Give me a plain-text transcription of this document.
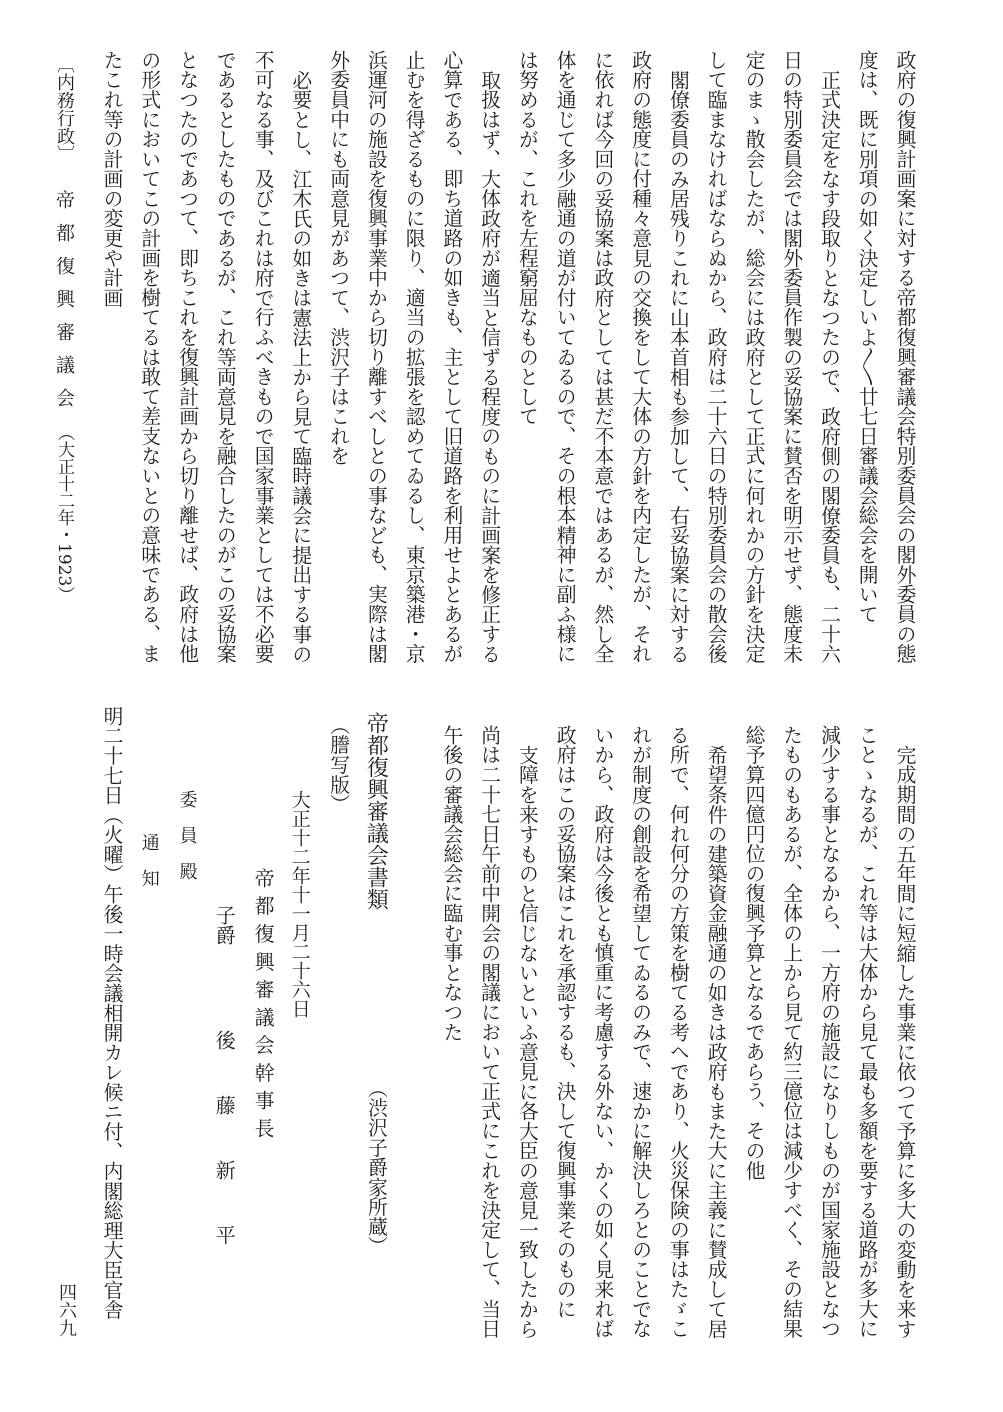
政府の復興計画案に対する帝都復興審議会特別委員会の閣外委員の態
度は、既に別項の如く決定しいよ〳〵廿七日審議会総会を開いて
正式決定をなす段取りとなつたので、政府側の閣僚委員も、二十六
日の特別委員会では閣外委員作製の妥協案に賛否を明示せず、態度未
定のまゝ散会したが、総会には政府として正式に何れかの方針を決定
して臨まなければならぬから、政府は二十六日の特別委員会の散会後
閣僚委員のみ居残りこれに山本首相も参加して、右妥協案に対する
政府の態度に付種々意見の交換をして大体の方針を内定したが、それ
に依れば今回の妥協案は政府としては甚だ不本意ではあるが、然し全
体を通じて多少融通の道が付いてゐるので、その根本精神に副ふ様に
は努めるが、これを左程窮屈なものとして
取扱はず、大体政府が適当と信ずる程度のものに計画案を修正する
心算である、即ち道路の如きも、主として旧道路を利用せよとあるが
止むを得ざるものに限り、適当の拡張を認めてゐるし、東京築港・京
浜運河の施設を復興事業中から切り離すべしとの事なども、実際は閣
外委員中にも両意見があつて、渋沢子はこれを
必要とし、江木氏の如きは憲法上から見て臨時議会に提出する事の
不可なる事、及びこれは府で行ふべきもので国家事業としては不必要
であるとしたものであるが、これ等両意見を融合したのがこの妥協案
となつたのであつて、即ちこれを復興計画から切り離せば、政府は他
の形式においてこの計画を樹てるは敢て差支ないとの意味である、ま
たこれ等の計画の変更や計画
完成期間の五年間に短縮した事業に依つて予算に多大の変動を来す
ことゝなるが、これ等は大体から見て最も多額を要する道路が多大に
減少する事となるから、一方府の施設になりしものが国家施設となつ
たものもあるが、全体の上から見て約三億位は減少すべく、その結果
総予算四億円位の復興予算となるであらう、その他
希望条件の建築資金融通の如きは政府もまた大に主義に賛成して居
る所で、何れ何分の方策を樹てる考へであり、火災保険の事はたゞこ
れが制度の創設を希望してゐるのみで、速かに解決しろとのことでな
いから、政府は今後とも慎重に考慮する外ない、かくの如く見来れば
政府はこの妥協案はこれを承認するも、決して復興事業そのものに
支障を来すものと信じないといふ意見に各大臣の意見一致したから
尚は二十七日午前中開会の閣議において正式にこれを決定して、当日
午後の審議会総会に臨む事となつた
帝都復興審議会書類
（渋沢子爵家所蔵）
（謄写版）
大正十二年十一月二十六日
帝都復興審議会幹事長
子爵
後　藤　新　平
委　員　殿
通　知
明二十七日（火曜）午後一時会議相開カレ候ニ付、内閣総理大臣官舎
〔内務行政〕
帝都復興審議会
（大正十二年・1923）
四六九
